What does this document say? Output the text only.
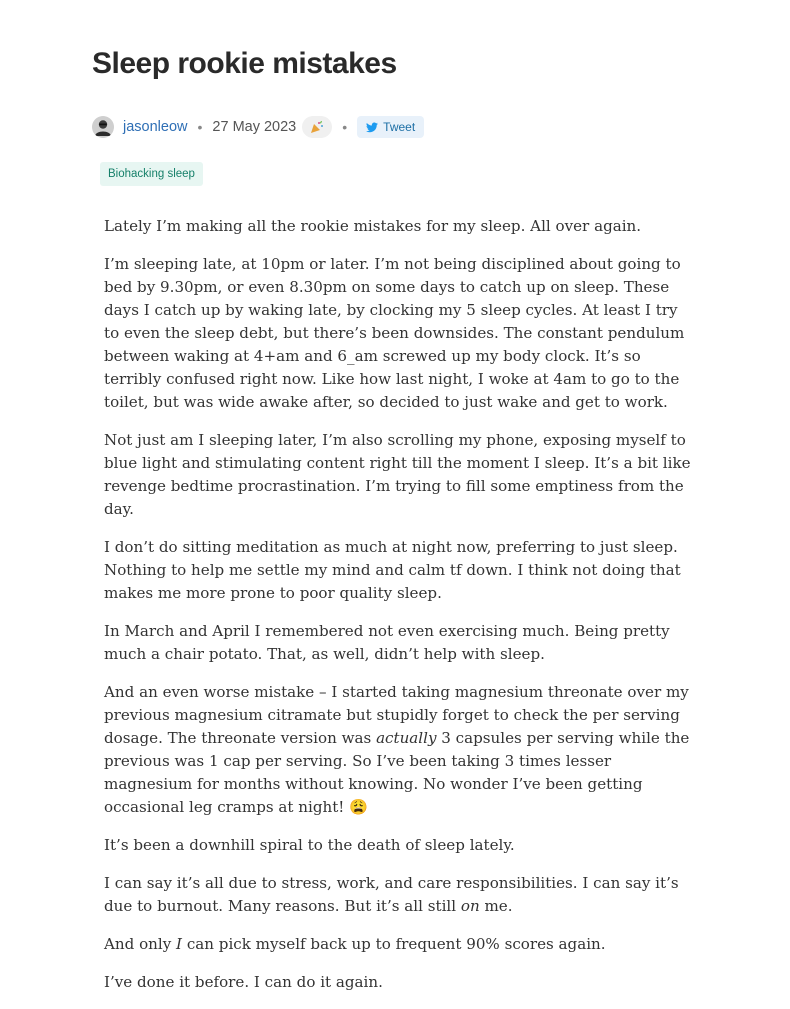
Sleep rookie mistakes
jasonleow • 27 May 2023	•	Tweet
Biohacking sleep

Lately I’m making all the rookie mistakes for my sleep. All over again.

I’m sleeping late, at 10pm or later. I’m not being disciplined about going to bed by 9.30pm, or even 8.30pm on some days to catch up on sleep. These days I catch up by waking late, by clocking my 5 sleep cycles. At least I try to even the sleep debt, but there’s been downsides. The constant pendulum between waking at 4+am and 6_am screwed up my body clock. It’s so terribly confused right now. Like how last night, I woke at 4am to go to the toilet, but was wide awake after, so decided to just wake and get to work.

Not just am I sleeping later, I’m also scrolling my phone, exposing myself to blue light and stimulating content right till the moment I sleep. It’s a bit like revenge bedtime procrastination. I’m trying to fill some emptiness from the day.

I don’t do sitting meditation as much at night now, preferring to just sleep. Nothing to help me settle my mind and calm tf down. I think not doing that makes me more prone to poor quality sleep.

In March and April I remembered not even exercising much. Being pretty much a chair potato. That, as well, didn’t help with sleep.

And an even worse mistake – I started taking magnesium threonate over my previous magnesium citramate but stupidly forget to check the per serving dosage. The threonate version was actually 3 capsules per serving while the previous was 1 cap per serving. So I’ve been taking 3 times lesser magnesium for months without knowing. No wonder I’ve been getting occasional leg cramps at night! 😩

It’s been a downhill spiral to the death of sleep lately.

I can say it’s all due to stress, work, and care responsibilities. I can say it’s due to burnout. Many reasons. But it’s all still on me.

And only I can pick myself back up to frequent 90% scores again.

I’ve done it before. I can do it again.
